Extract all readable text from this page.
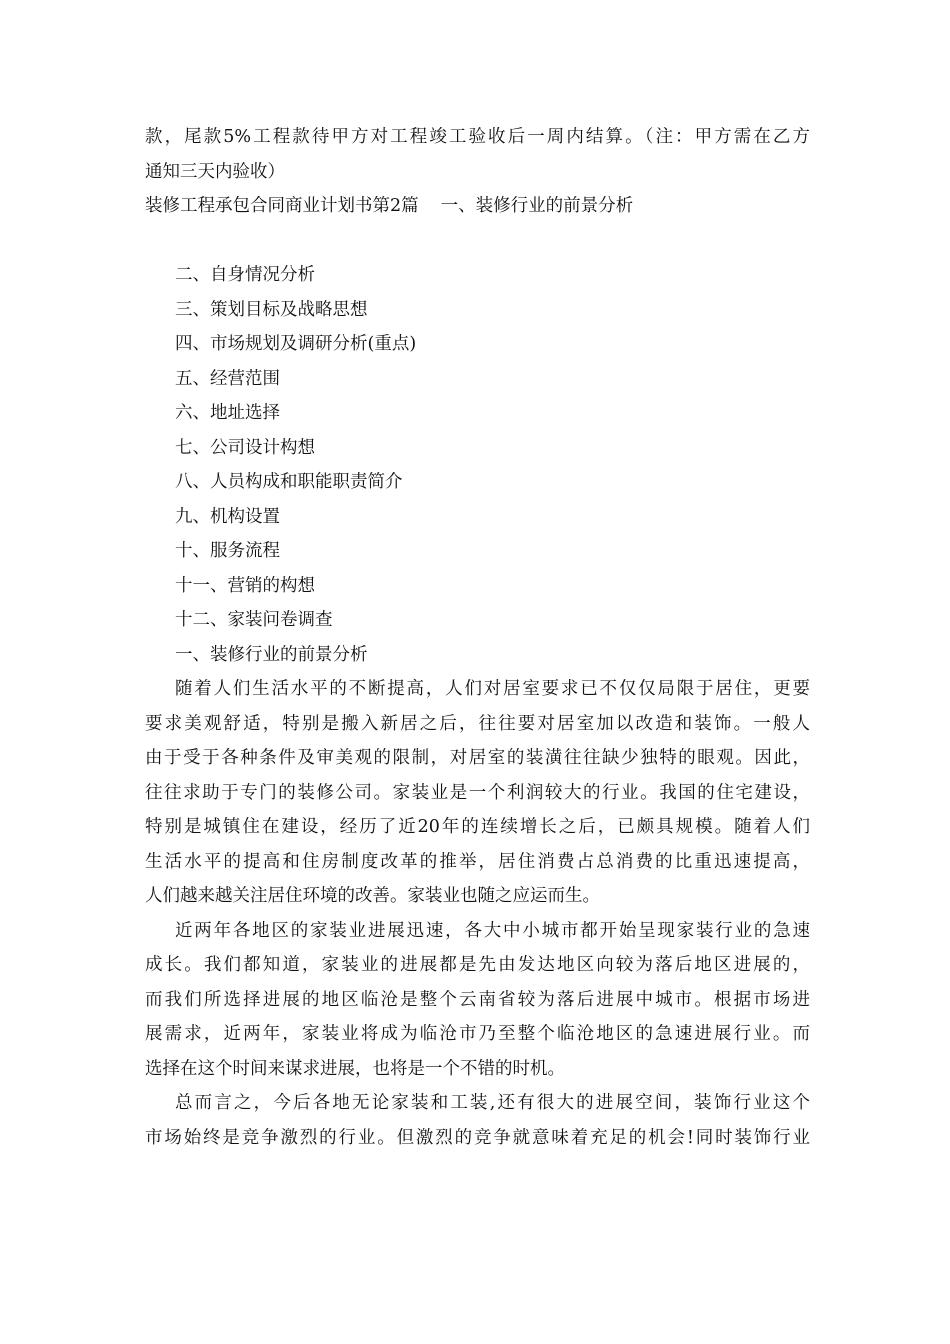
款，尾款5%工程款待甲方对工程竣工验收后一周内结算。（注：甲方需在乙方
通知三天内验收）
装修工程承包合同商业计划书第2篇 一、装修行业的前景分析
二、自身情况分析
三、策划目标及战略思想
四、市场规划及调研分析(重点)
五、经营范围
六、地址选择
七、公司设计构想
八、人员构成和职能职责简介
九、机构设置
十、服务流程
十一、营销的构想
十二、家装问卷调查
一、装修行业的前景分析
随着人们生活水平的不断提高，人们对居室要求已不仅仅局限于居住，更要
要求美观舒适，特别是搬入新居之后，往往要对居室加以改造和装饰。一般人
由于受于各种条件及审美观的限制，对居室的装潢往往缺少独特的眼观。因此，
往往求助于专门的装修公司。家装业是一个利润较大的行业。我国的住宅建设，
特别是城镇住在建设，经历了近20年的连续增长之后，已颇具规模。随着人们
生活水平的提高和住房制度改革的推举，居住消费占总消费的比重迅速提高，
人们越来越关注居住环境的改善。家装业也随之应运而生。
近两年各地区的家装业进展迅速，各大中小城市都开始呈现家装行业的急速
成长。我们都知道，家装业的进展都是先由发达地区向较为落后地区进展的，
而我们所选择进展的地区临沧是整个云南省较为落后进展中城市。根据市场进
展需求，近两年，家装业将成为临沧市乃至整个临沧地区的急速进展行业。而
选择在这个时间来谋求进展，也将是一个不错的时机。
总而言之，今后各地无论家装和工装,还有很大的进展空间，装饰行业这个
市场始终是竞争激烈的行业。但激烈的竞争就意味着充足的机会!同时装饰行业
